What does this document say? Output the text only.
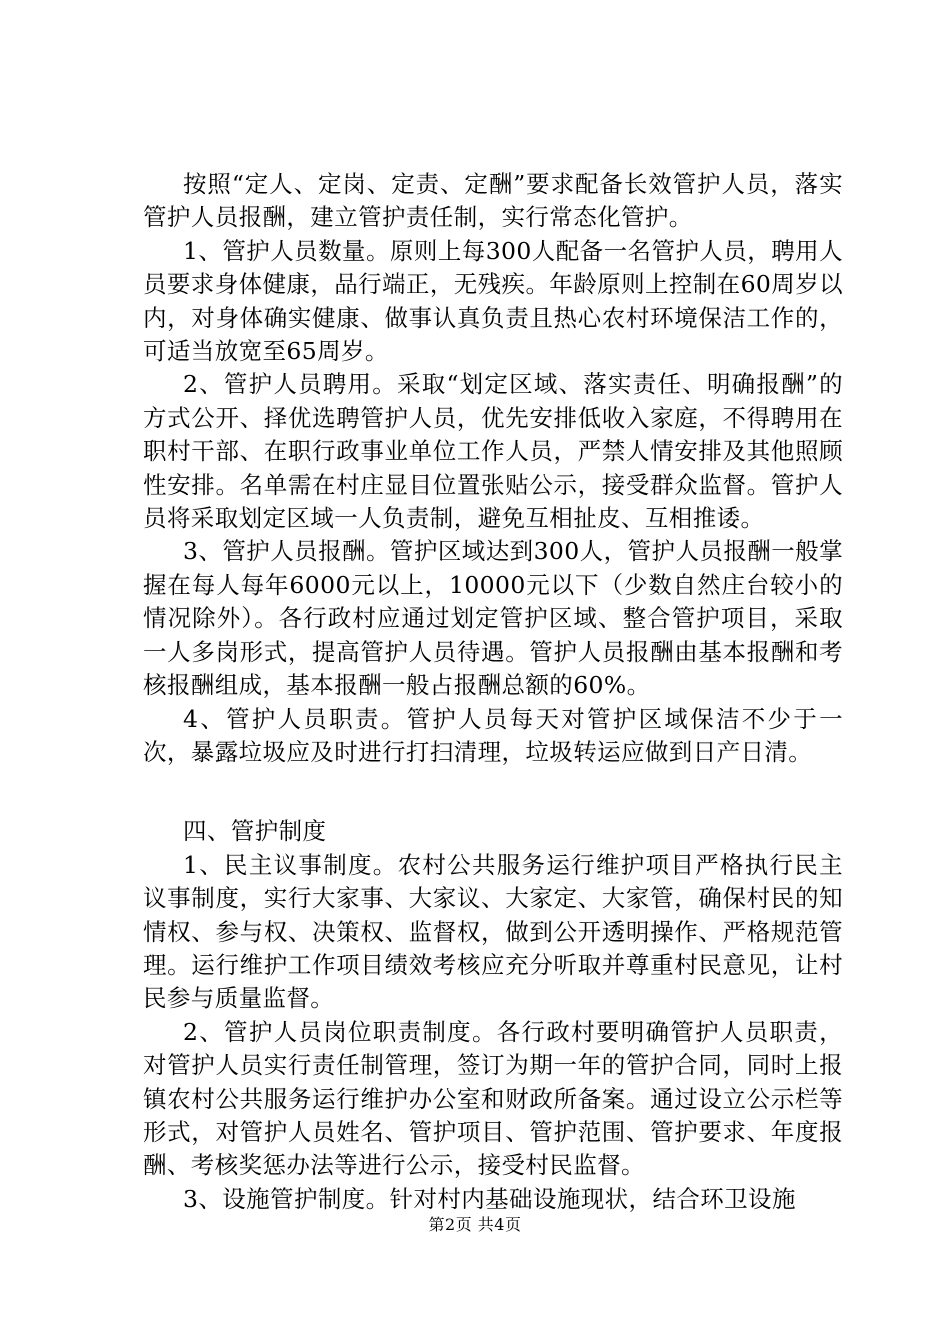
按照“定人、定岗、定责、定酬”要求配备长效管护人员，落实管护人员报酬，建立管护责任制，实行常态化管护。

1、管护人员数量。原则上每300人配备一名管护人员，聘用人员要求身体健康，品行端正，无残疾。年龄原则上控制在60周岁以内，对身体确实健康、做事认真负责且热心农村环境保洁工作的，可适当放宽至65周岁。

2、管护人员聘用。采取“划定区域、落实责任、明确报酬”的方式公开、择优选聘管护人员，优先安排低收入家庭，不得聘用在职村干部、在职行政事业单位工作人员，严禁人情安排及其他照顾性安排。名单需在村庄显目位置张贴公示，接受群众监督。管护人员将采取划定区域一人负责制，避免互相扯皮、互相推诿。

3、管护人员报酬。管护区域达到300人，管护人员报酬一般掌握在每人每年6000元以上，10000元以下（少数自然庄台较小的情况除外）。各行政村应通过划定管护区域、整合管护项目，采取一人多岗形式，提高管护人员待遇。管护人员报酬由基本报酬和考核报酬组成，基本报酬一般占报酬总额的60%。

4、管护人员职责。管护人员每天对管护区域保洁不少于一次，暴露垃圾应及时进行打扫清理，垃圾转运应做到日产日清。

四、管护制度

1、民主议事制度。农村公共服务运行维护项目严格执行民主议事制度，实行大家事、大家议、大家定、大家管，确保村民的知情权、参与权、决策权、监督权，做到公开透明操作、严格规范管理。运行维护工作项目绩效考核应充分听取并尊重村民意见，让村民参与质量监督。

2、管护人员岗位职责制度。各行政村要明确管护人员职责，对管护人员实行责任制管理，签订为期一年的管护合同，同时上报镇农村公共服务运行维护办公室和财政所备案。通过设立公示栏等形式，对管护人员姓名、管护项目、管护范围、管护要求、年度报酬、考核奖惩办法等进行公示，接受村民监督。

3、设施管护制度。针对村内基础设施现状，结合环卫设施

第2页 共4页
